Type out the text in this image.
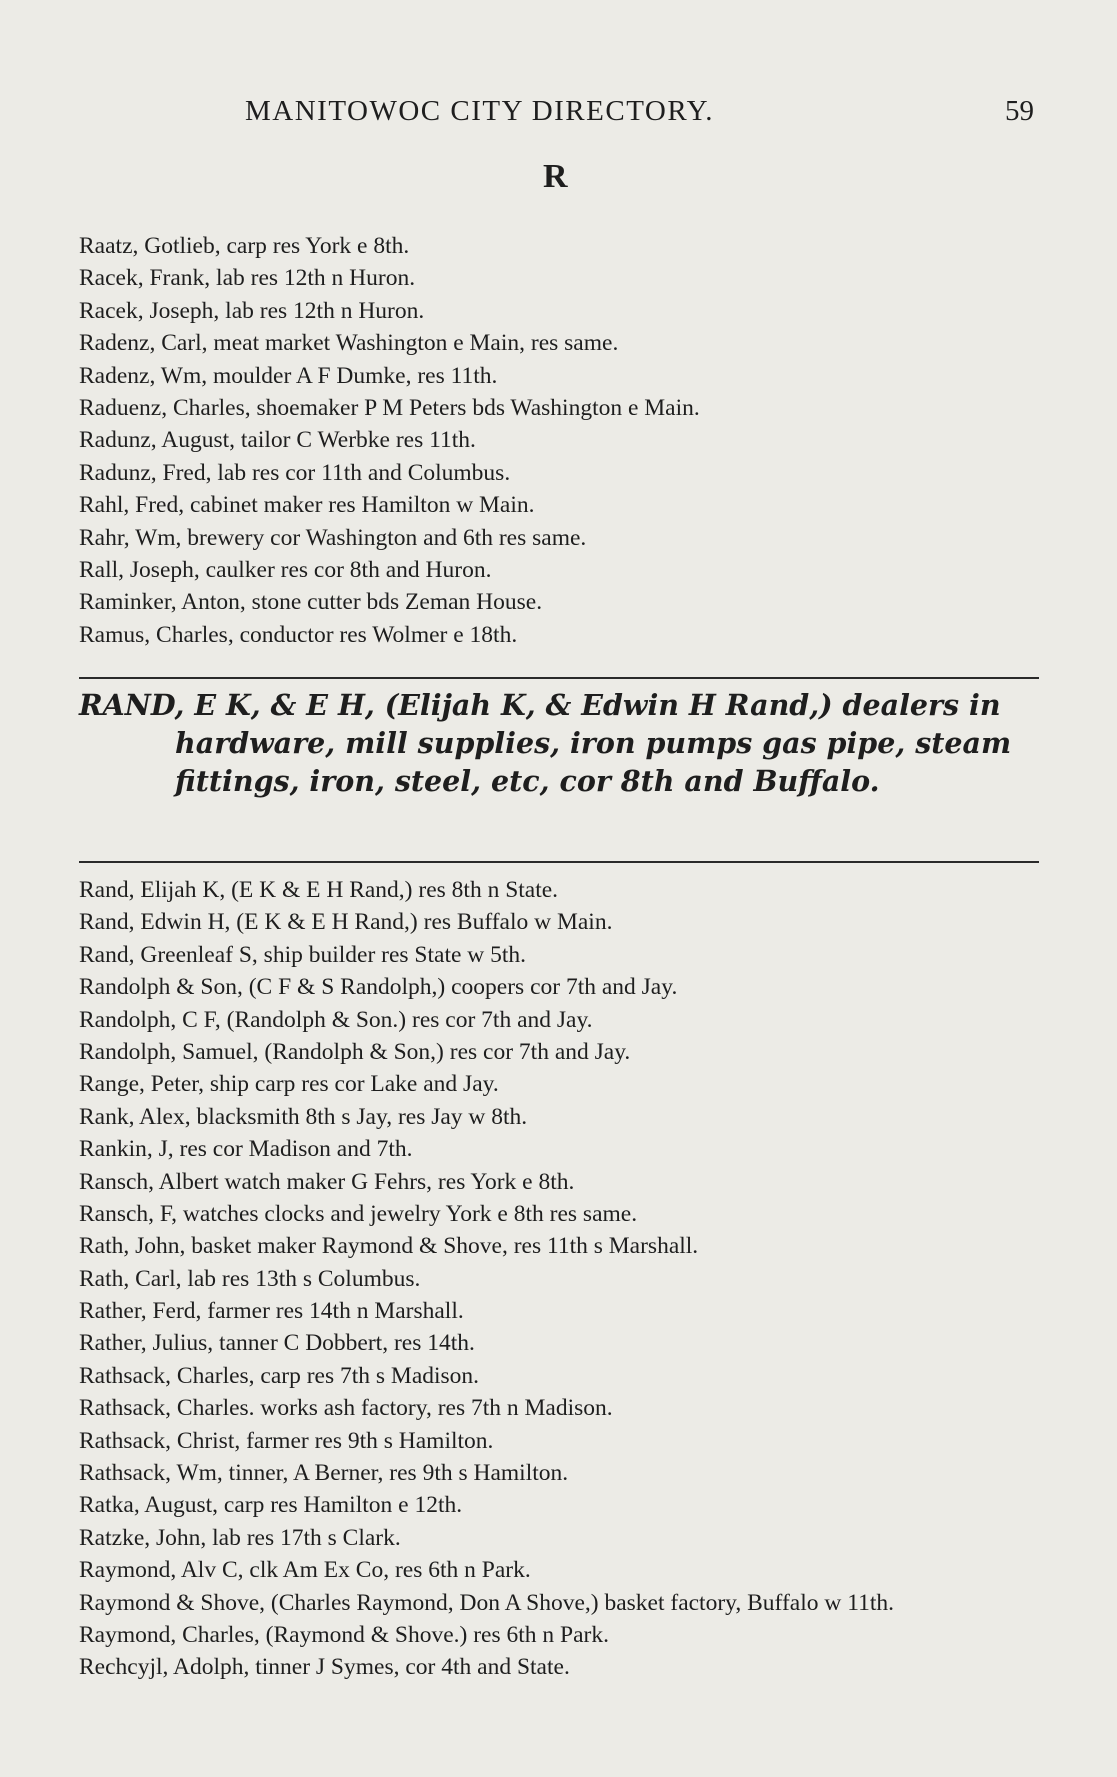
MANITOWOC CITY DIRECTORY.	59
R
Raatz, Gotlieb, carp res York e 8th.
Racek, Frank, lab res 12th n Huron.
Racek, Joseph, lab res 12th n Huron.
Radenz, Carl, meat market Washington e Main, res same.
Radenz, Wm, moulder A F Dumke, res 11th.
Raduenz, Charles, shoemaker P M Peters bds Washington e Main.
Radunz, August, tailor C Werbke res 11th.
Radunz, Fred, lab res cor 11th and Columbus.
Rahl, Fred, cabinet maker res Hamilton w Main.
Rahr, Wm, brewery cor Washington and 6th res same.
Rall, Joseph, caulker res cor 8th and Huron.
Raminker, Anton, stone cutter bds Zeman House.
Ramus, Charles, conductor res Wolmer e 18th.
RAND, E K, & E H, (Elijah K, & Edwin H Rand,) dealers in hardware, mill supplies, iron pumps gas pipe, steam fittings, iron, steel, etc, cor 8th and Buffalo.
Rand, Elijah K, (E K & E H Rand,) res 8th n State.
Rand, Edwin H, (E K & E H Rand,) res Buffalo w Main.
Rand, Greenleaf S, ship builder res State w 5th.
Randolph & Son, (C F & S Randolph,) coopers cor 7th and Jay.
Randolph, C F, (Randolph & Son.) res cor 7th and Jay.
Randolph, Samuel, (Randolph & Son,) res cor 7th and Jay.
Range, Peter, ship carp res cor Lake and Jay.
Rank, Alex, blacksmith 8th s Jay, res Jay w 8th.
Rankin, J, res cor Madison and 7th.
Ransch, Albert watch maker G Fehrs, res York e 8th.
Ransch, F, watches clocks and jewelry York e 8th res same.
Rath, John, basket maker Raymond & Shove, res 11th s Marshall.
Rath, Carl, lab res 13th s Columbus.
Rather, Ferd, farmer res 14th n Marshall.
Rather, Julius, tanner C Dobbert, res 14th.
Rathsack, Charles, carp res 7th s Madison.
Rathsack, Charles. works ash factory, res 7th n Madison.
Rathsack, Christ, farmer res 9th s Hamilton.
Rathsack, Wm, tinner, A Berner, res 9th s Hamilton.
Ratka, August, carp res Hamilton e 12th.
Ratzke, John, lab res 17th s Clark.
Raymond, Alv C, clk Am Ex Co, res 6th n Park.
Raymond & Shove, (Charles Raymond, Don A Shove,) basket factory, Buffalo w 11th.
Raymond, Charles, (Raymond & Shove.) res 6th n Park.
Rechcyjl, Adolph, tinner J Symes, cor 4th and State.
